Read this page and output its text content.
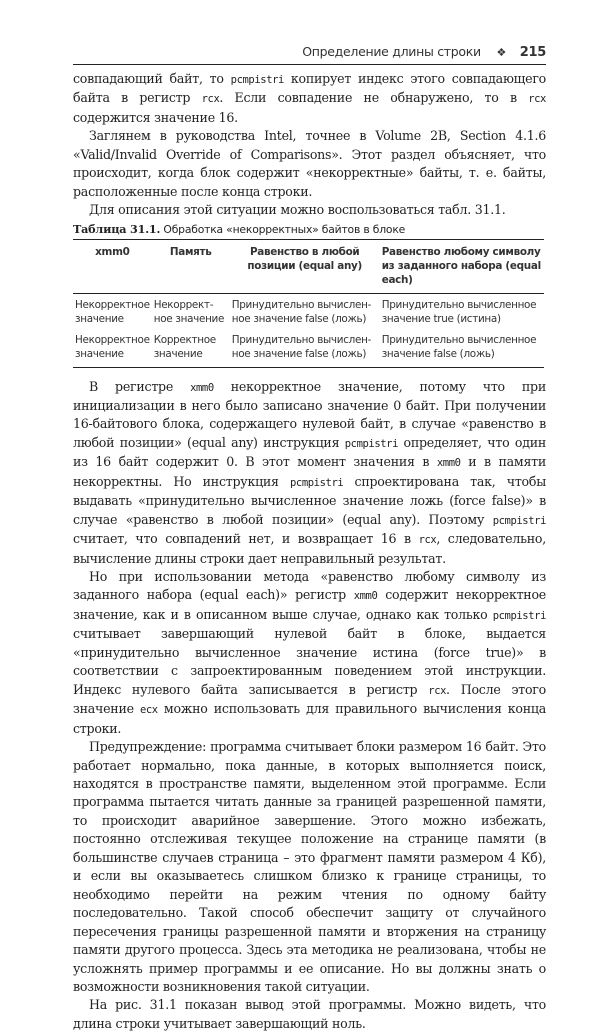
Определение длины строки ❖ 215

совпадающий байт, то pcmpistri копирует индекс этого совпадающего байта в регистр rcx. Если совпадение не обнаружено, то в rcx содержится значение 16.

Заглянем в руководства Intel, точнее в Volume 2B, Section 4.1.6 «Valid/Invalid Override of Comparisons». Этот раздел объясняет, что происходит, когда блок содержит «некорректные» байты, т. е. байты, расположенные после конца строки.

Для описания этой ситуации можно воспользоваться табл. 31.1.

Таблица 31.1. Обработка «некорректных» байтов в блоке

xmm0	Память	Равенство в любой позиции (equal any)	Равенство любому символу из заданного набора (equal each)
Некорректное значение	Некоррект-ное значение	Принудительно вычислен-ное значение false (ложь)	Принудительно вычисленное значение true (истина)
Некорректное значение	Корректное значение	Принудительно вычислен-ное значение false (ложь)	Принудительно вычисленное значение false (ложь)

В регистре xmm0 некорректное значение, потому что при инициализации в него было записано значение 0 байт. При получении 16-байтового блока, содержащего нулевой байт, в случае «равенство в любой позиции» (equal any) инструкция pcmpistri определяет, что один из 16 байт содержит 0. В этот момент значения в xmm0 и в памяти некорректны. Но инструкция pcmpistri спроектирована так, чтобы выдавать «принудительно вычисленное значение ложь (force false)» в случае «равенство в любой позиции» (equal any). Поэтому pcmpistri считает, что совпадений нет, и возвращает 16 в rcx, следовательно, вычисление длины строки дает неправильный результат.

Но при использовании метода «равенство любому символу из заданного набора (equal each)» регистр xmm0 содержит некорректное значение, как и в описанном выше случае, однако как только pcmpistri считывает завершающий нулевой байт в блоке, выдается «принудительно вычисленное значение истина (force true)» в соответствии с запроектированным поведением этой инструкции. Индекс нулевого байта записывается в регистр rcx. После этого значение ecx можно использовать для правильного вычисления конца строки.

Предупреждение: программа считывает блоки размером 16 байт. Это работает нормально, пока данные, в которых выполняется поиск, находятся в пространстве памяти, выделенном этой программе. Если программа пытается читать данные за границей разрешенной памяти, то происходит аварийное завершение. Этого можно избежать, постоянно отслеживая текущее положение на странице памяти (в большинстве случаев страница – это фрагмент памяти размером 4 Кб), и если вы оказываетесь слишком близко к границе страницы, то необходимо перейти на режим чтения по одному байту последовательно. Такой способ обеспечит защиту от случайного пересечения границы разрешенной памяти и вторжения на страницу памяти другого процесса. Здесь эта методика не реализована, чтобы не усложнять пример программы и ее описание. Но вы должны знать о возможности возникновения такой ситуации.

На рис. 31.1 показан вывод этой программы. Можно видеть, что длина строки учитывает завершающий ноль.
